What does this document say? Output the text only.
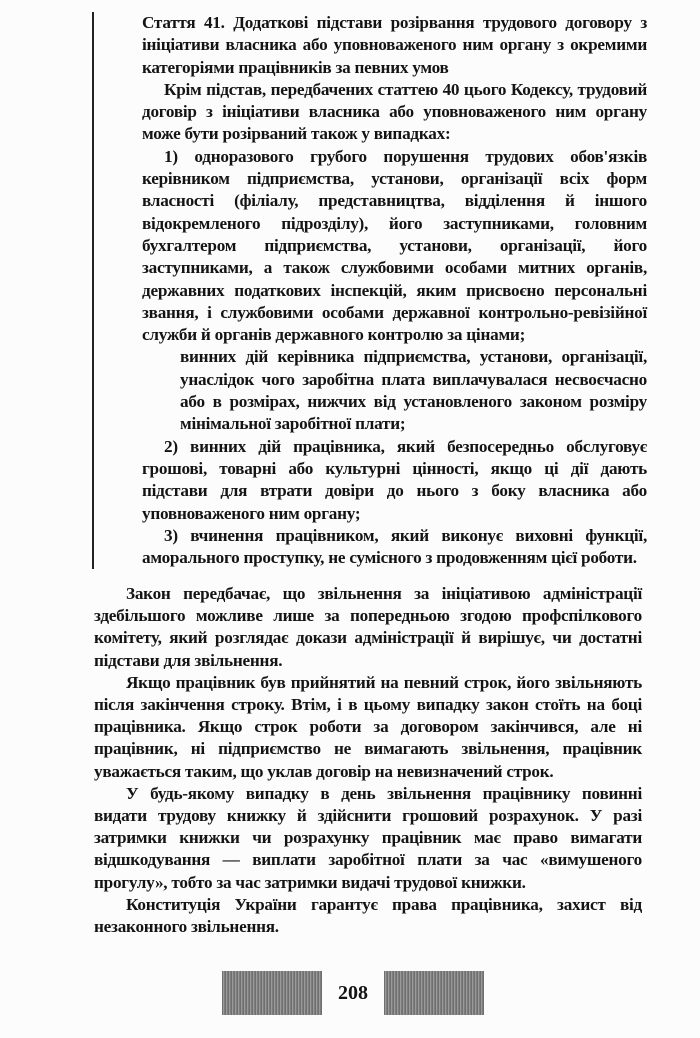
Стаття 41. Додаткові підстави розірвання трудового договору з ініціативи власника або уповноваженого ним органу з окремими категоріями працівників за певних умов

Крім підстав, передбачених статтею 40 цього Кодексу, трудовий договір з ініціативи власника або уповноваженого ним органу може бути розірваний також у випадках:

1) одноразового грубого порушення трудових обов'язків керівником підприємства, установи, організації всіх форм власності (філіалу, представництва, відділення й іншого відокремленого підрозділу), його заступниками, головним бухгалтером підприємства, установи, організації, його заступниками, а також службовими особами митних органів, державних податкових інспекцій, яким присвоєно персональні звання, і службовими особами державної контрольно-ревізійної служби й органів державного контролю за цінами;

винних дій керівника підприємства, установи, організації, унаслідок чого заробітна плата виплачувалася несвоєчасно або в розмірах, нижчих від установленого законом розміру мінімальної заробітної плати;

2) винних дій працівника, який безпосередньо обслуговує грошові, товарні або культурні цінності, якщо ці дії дають підстави для втрати довіри до нього з боку власника або уповноваженого ним органу;

3) вчинення працівником, який виконує виховні функції, аморального проступку, не сумісного з продовженням цієї роботи.

Закон передбачає, що звільнення за ініціативою адміністрації здебільшого можливе лише за попередньою згодою профспілкового комітету, який розглядає докази адміністрації й вирішує, чи достатні підстави для звільнення.

Якщо працівник був прийнятий на певний строк, його звільняють після закінчення строку. Втім, і в цьому випадку закон стоїть на боці працівника. Якщо строк роботи за договором закінчився, але ні працівник, ні підприємство не вимагають звільнення, працівник уважається таким, що уклав договір на невизначений строк.

У будь-якому випадку в день звільнення працівнику повинні видати трудову книжку й здійснити грошовий розрахунок. У разі затримки книжки чи розрахунку працівник має право вимагати відшкодування — виплати заробітної плати за час «вимушеного прогулу», тобто за час затримки видачі трудової книжки.

Конституція України гарантує права працівника, захист від незаконного звільнення.

208
